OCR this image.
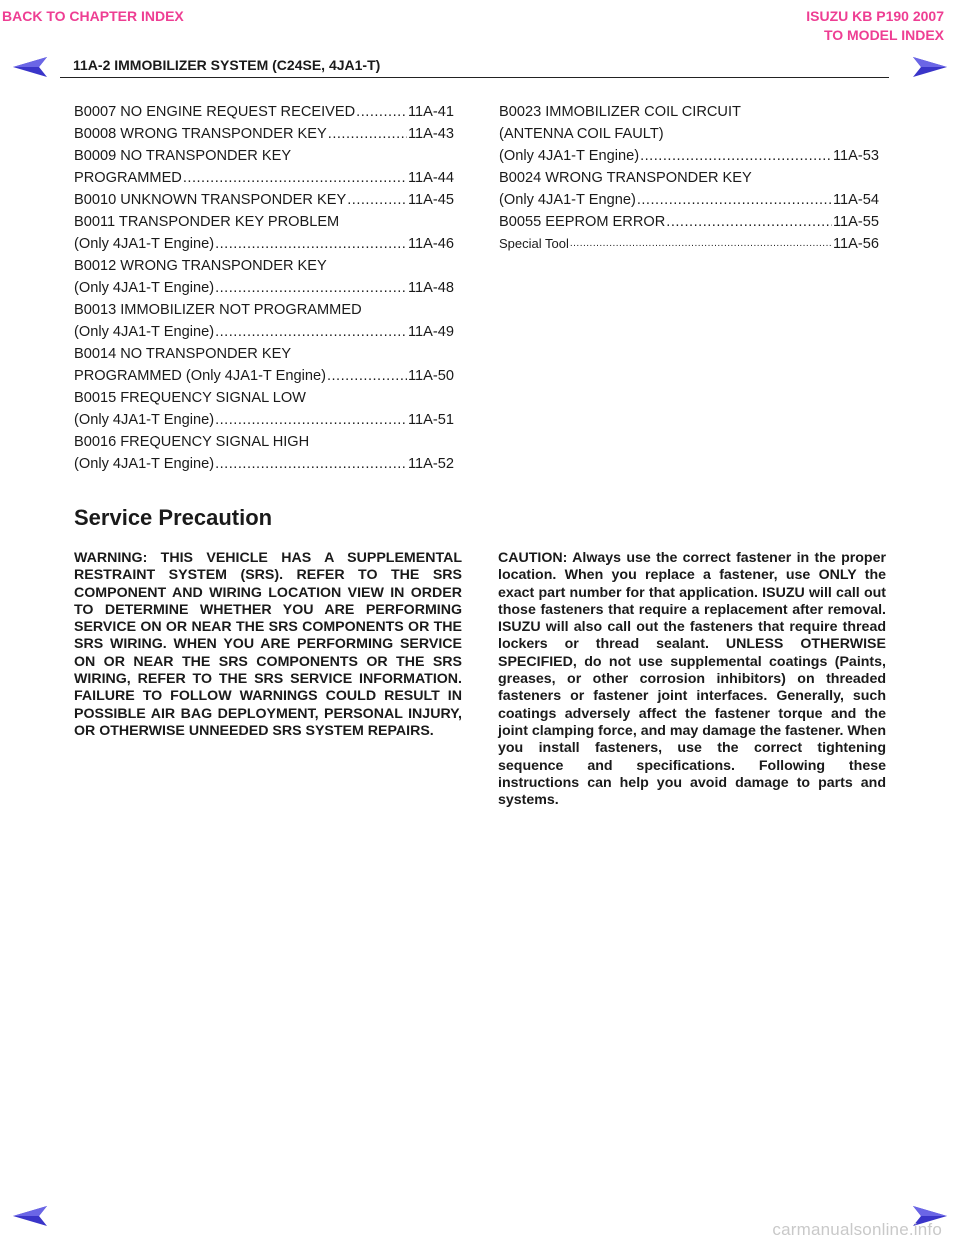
BACK TO CHAPTER INDEX	ISUZU KB P190 2007
TO MODEL INDEX
11A-2 IMMOBILIZER SYSTEM (C24SE, 4JA1-T)
B0007 NO ENGINE REQUEST RECEIVED .....	11A-41
B0008 WRONG TRANSPONDER KEY .....	11A-43
B0009 NO TRANSPONDER KEY
PROGRAMMED .....	11A-44
B0010 UNKNOWN TRANSPONDER KEY .....	11A-45
B0011 TRANSPONDER KEY PROBLEM
(Only 4JA1-T Engine) .....	11A-46
B0012 WRONG TRANSPONDER KEY
(Only 4JA1-T Engine) .....	11A-48
B0013 IMMOBILIZER NOT PROGRAMMED
(Only 4JA1-T Engine) .....	11A-49
B0014 NO TRANSPONDER KEY
PROGRAMMED (Only 4JA1-T Engine) .....	11A-50
B0015 FREQUENCY SIGNAL LOW
(Only 4JA1-T Engine) .....	11A-51
B0016 FREQUENCY SIGNAL HIGH
(Only 4JA1-T Engine) .....	11A-52
B0023 IMMOBILIZER COIL CIRCUIT
(ANTENNA COIL FAULT)
(Only 4JA1-T Engine) .....	11A-53
B0024 WRONG TRANSPONDER KEY
(Only 4JA1-T Engne) .....	11A-54
B0055 EEPROM ERROR .....	11A-55
Special Tool .....	11A-56
Service Precaution
WARNING: THIS VEHICLE HAS A SUPPLEMENTAL RESTRAINT SYSTEM (SRS). REFER TO THE SRS COMPONENT AND WIRING LOCATION VIEW IN ORDER TO DETERMINE WHETHER YOU ARE PERFORMING SERVICE ON OR NEAR THE SRS COMPONENTS OR THE SRS WIRING. WHEN YOU ARE PERFORMING SERVICE ON OR NEAR THE SRS COMPONENTS OR THE SRS WIRING, REFER TO THE SRS SERVICE INFORMATION. FAILURE TO FOLLOW WARNINGS COULD RESULT IN POSSIBLE AIR BAG DEPLOYMENT, PERSONAL INJURY, OR OTHERWISE UNNEEDED SRS SYSTEM REPAIRS.
CAUTION: Always use the correct fastener in the proper location. When you replace a fastener, use ONLY the exact part number for that application. ISUZU will call out those fasteners that require a replacement after removal. ISUZU will also call out the fasteners that require thread lockers or thread sealant. UNLESS OTHERWISE SPECIFIED, do not use supplemental coatings (Paints, greases, or other corrosion inhibitors) on threaded fasteners or fastener joint interfaces. Generally, such coatings adversely affect the fastener torque and the joint clamping force, and may damage the fastener. When you install fasteners, use the correct tightening sequence and specifications. Following these instructions can help you avoid damage to parts and systems.
carmanualsonline.info
